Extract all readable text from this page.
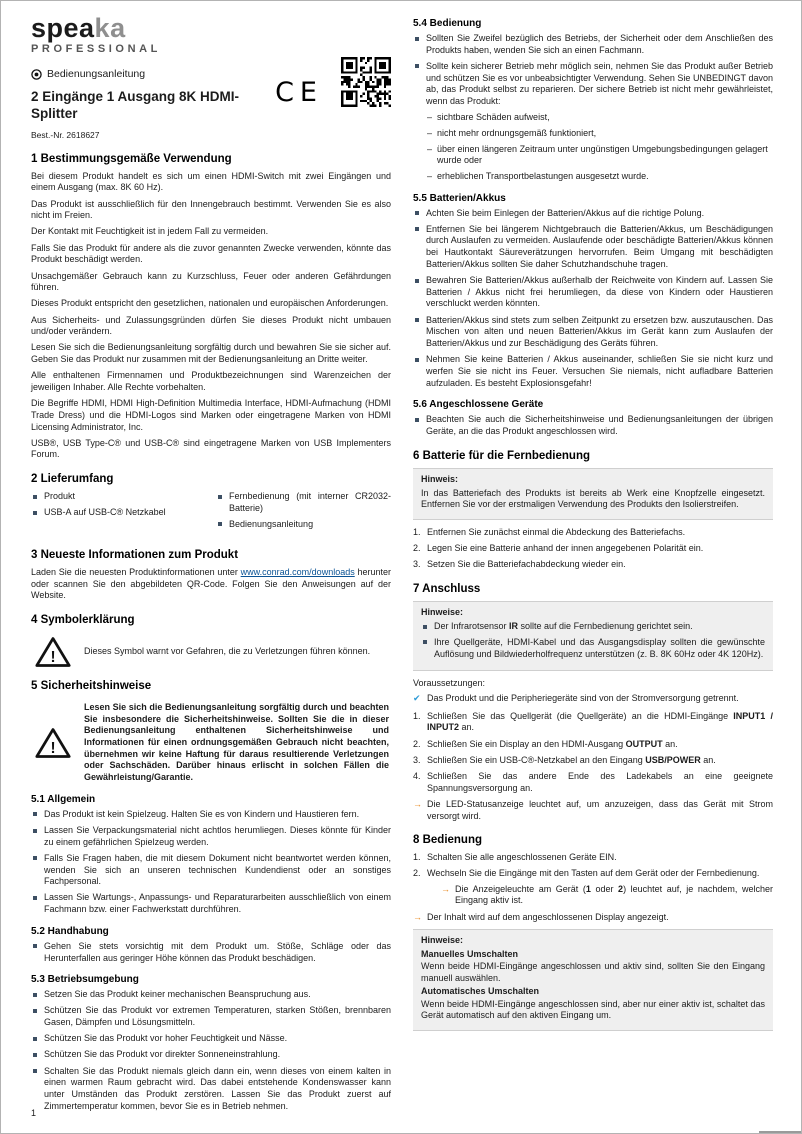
speaka
PROFESSIONAL
Bedienungsanleitung
2 Eingänge 1 Ausgang 8K HDMI-Splitter
Best.-Nr. 2618627
CE
1 Bestimmungsgemäße Verwendung

Bei diesem Produkt handelt es sich um einen HDMI-Switch mit zwei Eingängen und einem Ausgang (max. 8K 60 Hz).

Das Produkt ist ausschließlich für den Innengebrauch bestimmt. Verwenden Sie es also nicht im Freien.

Der Kontakt mit Feuchtigkeit ist in jedem Fall zu vermeiden.

Falls Sie das Produkt für andere als die zuvor genannten Zwecke verwenden, könnte das Produkt beschädigt werden.

Unsachgemäßer Gebrauch kann zu Kurzschluss, Feuer oder anderen Gefährdungen führen.

Dieses Produkt entspricht den gesetzlichen, nationalen und europäischen Anforderungen.

Aus Sicherheits- und Zulassungsgründen dürfen Sie dieses Produkt nicht umbauen und/oder verändern.

Lesen Sie sich die Bedienungsanleitung sorgfältig durch und bewahren Sie sie sicher auf. Geben Sie das Produkt nur zusammen mit der Bedienungsanleitung an Dritte weiter.

Alle enthaltenen Firmennamen und Produktbezeichnungen sind Warenzeichen der jeweiligen Inhaber. Alle Rechte vorbehalten.

Die Begriffe HDMI, HDMI High-Definition Multimedia Interface, HDMI-Aufmachung (HDMI Trade Dress) und die HDMI-Logos sind Marken oder eingetragene Marken von HDMI Licensing Administrator, Inc.

USB®, USB Type-C® und USB-C® sind eingetragene Marken von USB Implementers Forum.

2 Lieferumfang
Produkt
USB-A auf USB-C® Netzkabel
Fernbedienung (mit interner CR2032-Batterie)
Bedienungsanleitung
3 Neueste Informationen zum Produkt

Laden Sie die neuesten Produktinformationen unter www.conrad.com/downloads herunter oder scannen Sie den abgebildeten QR-Code. Folgen Sie den Anweisungen auf der Website.

4 Symbolerklärung
!	Dieses Symbol warnt vor Gefahren, die zu Verletzungen führen können.
5 Sicherheitshinweise
!
Lesen Sie sich die Bedienungsanleitung sorgfältig durch und beachten Sie insbesondere die Sicherheitshinweise. Sollten Sie die in dieser Bedienungsanleitung enthaltenen Sicherheitshinweise und Informationen für einen ordnungsgemäßen Gebrauch nicht beachten, übernehmen wir keine Haftung für daraus resultierende Verletzungen oder Sachschäden. Darüber hinaus erlischt in solchen Fällen die Gewährleistung/Garantie.
5.1 Allgemein
Das Produkt ist kein Spielzeug. Halten Sie es von Kindern und Haustieren fern.
Lassen Sie Verpackungsmaterial nicht achtlos herumliegen. Dieses könnte für Kinder zu einem gefährlichen Spielzeug werden.
Falls Sie Fragen haben, die mit diesem Dokument nicht beantwortet werden können, wenden Sie sich an unseren technischen Kundendienst oder an sonstiges Fachpersonal.
Lassen Sie Wartungs-, Anpassungs- und Reparaturarbeiten ausschließlich von einem Fachmann bzw. einer Fachwerkstatt durchführen.
5.2 Handhabung
Gehen Sie stets vorsichtig mit dem Produkt um. Stöße, Schläge oder das Herunterfallen aus geringer Höhe können das Produkt beschädigen.
5.3 Betriebsumgebung
Setzen Sie das Produkt keiner mechanischen Beanspruchung aus.
Schützen Sie das Produkt vor extremen Temperaturen, starken Stößen, brennbaren Gasen, Dämpfen und Lösungsmitteln.
Schützen Sie das Produkt vor hoher Feuchtigkeit und Nässe.
Schützen Sie das Produkt vor direkter Sonneneinstrahlung.
Schalten Sie das Produkt niemals gleich dann ein, wenn dieses von einem kalten in einen warmen Raum gebracht wird. Das dabei entstehende Kondenswasser kann unter Umständen das Produkt zerstören. Lassen Sie das Produkt zuerst auf Zimmertemperatur kommen, bevor Sie es in Betrieb nehmen.
5.4 Bedienung
Sollten Sie Zweifel bezüglich des Betriebs, der Sicherheit oder dem Anschließen des Produkts haben, wenden Sie sich an einen Fachmann.
Sollte kein sicherer Betrieb mehr möglich sein, nehmen Sie das Produkt außer Betrieb und schützen Sie es vor unbeabsichtigter Verwendung. Sehen Sie UNBEDINGT davon ab, das Produkt selbst zu reparieren. Der sichere Betrieb ist nicht mehr gewährleistet, wenn das Produkt:
– sichtbare Schäden aufweist,
– nicht mehr ordnungsgemäß funktioniert,
– über einen längeren Zeitraum unter ungünstigen Umgebungsbedingungen gelagert wurde oder
– erheblichen Transportbelastungen ausgesetzt wurde.
5.5 Batterien/Akkus
Achten Sie beim Einlegen der Batterien/Akkus auf die richtige Polung.
Entfernen Sie bei längerem Nichtgebrauch die Batterien/Akkus, um Beschädigungen durch Auslaufen zu vermeiden. Auslaufende oder beschädigte Batterien/Akkus können bei Hautkontakt Säureverätzungen hervorrufen. Beim Umgang mit beschädigten Batterien/Akkus sollten Sie daher Schutzhandschuhe tragen.
Bewahren Sie Batterien/Akkus außerhalb der Reichweite von Kindern auf. Lassen Sie Batterien / Akkus nicht frei herumliegen, da diese von Kindern oder Haustieren verschluckt werden könnten.
Batterien/Akkus sind stets zum selben Zeitpunkt zu ersetzen bzw. auszutauschen. Das Mischen von alten und neuen Batterien/Akkus im Gerät kann zum Auslaufen der Batterien/Akkus und zur Beschädigung des Geräts führen.
Nehmen Sie keine Batterien / Akkus auseinander, schließen Sie sie nicht kurz und werfen Sie sie nicht ins Feuer. Versuchen Sie niemals, nicht aufladbare Batterien aufzuladen. Es besteht Explosionsgefahr!
5.6 Angeschlossene Geräte
Beachten Sie auch die Sicherheitshinweise und Bedienungsanleitungen der übrigen Geräte, an die das Produkt angeschlossen wird.
6 Batterie für die Fernbedienung
Hinweis:

In das Batteriefach des Produkts ist bereits ab Werk eine Knopfzelle eingesetzt. Entfernen Sie vor der erstmaligen Verwendung des Produkts den Isolierstreifen.

1. Entfernen Sie zunächst einmal die Abdeckung des Batteriefachs.
2. Legen Sie eine Batterie anhand der innen angegebenen Polarität ein.
3. Setzen Sie die Batteriefachabdeckung wieder ein.
7 Anschluss
Hinweise:
Der Infrarotsensor IR sollte auf die Fernbedienung gerichtet sein.
Ihre Quellgeräte, HDMI-Kabel und das Ausgangsdisplay sollten die gewünschte Auflösung und Bildwiederholfrequenz unterstützen (z. B. 8K 60Hz oder 4K 120Hz).
Voraussetzungen:
✔ Das Produkt und die Peripheriegeräte sind von der Stromversorgung getrennt.
1. Schließen Sie das Quellgerät (die Quellgeräte) an die HDMI-Eingänge INPUT1 / INPUT2 an.
2. Schließen Sie ein Display an den HDMI-Ausgang OUTPUT an.
3. Schließen Sie ein USB-C®-Netzkabel an den Eingang USB/POWER an.
4. Schließen Sie das andere Ende des Ladekabels an eine geeignete Spannungsversorgung an.
→ Die LED-Statusanzeige leuchtet auf, um anzuzeigen, dass das Gerät mit Strom versorgt wird.
8 Bedienung
1. Schalten Sie alle angeschlossenen Geräte EIN.
2. Wechseln Sie die Eingänge mit den Tasten auf dem Gerät oder der Fernbedienung.
→ Die Anzeigeleuchte am Gerät (1 oder 2) leuchtet auf, je nachdem, welcher Eingang aktiv ist.
→ Der Inhalt wird auf dem angeschlossenen Display angezeigt.
Hinweise:
Manuelles Umschalten

Wenn beide HDMI-Eingänge angeschlossen und aktiv sind, sollten Sie den Eingang manuell auswählen.

Automatisches Umschalten

Wenn beide HDMI-Eingänge angeschlossen sind, aber nur einer aktiv ist, schaltet das Gerät automatisch auf den aktiven Eingang um.

1
